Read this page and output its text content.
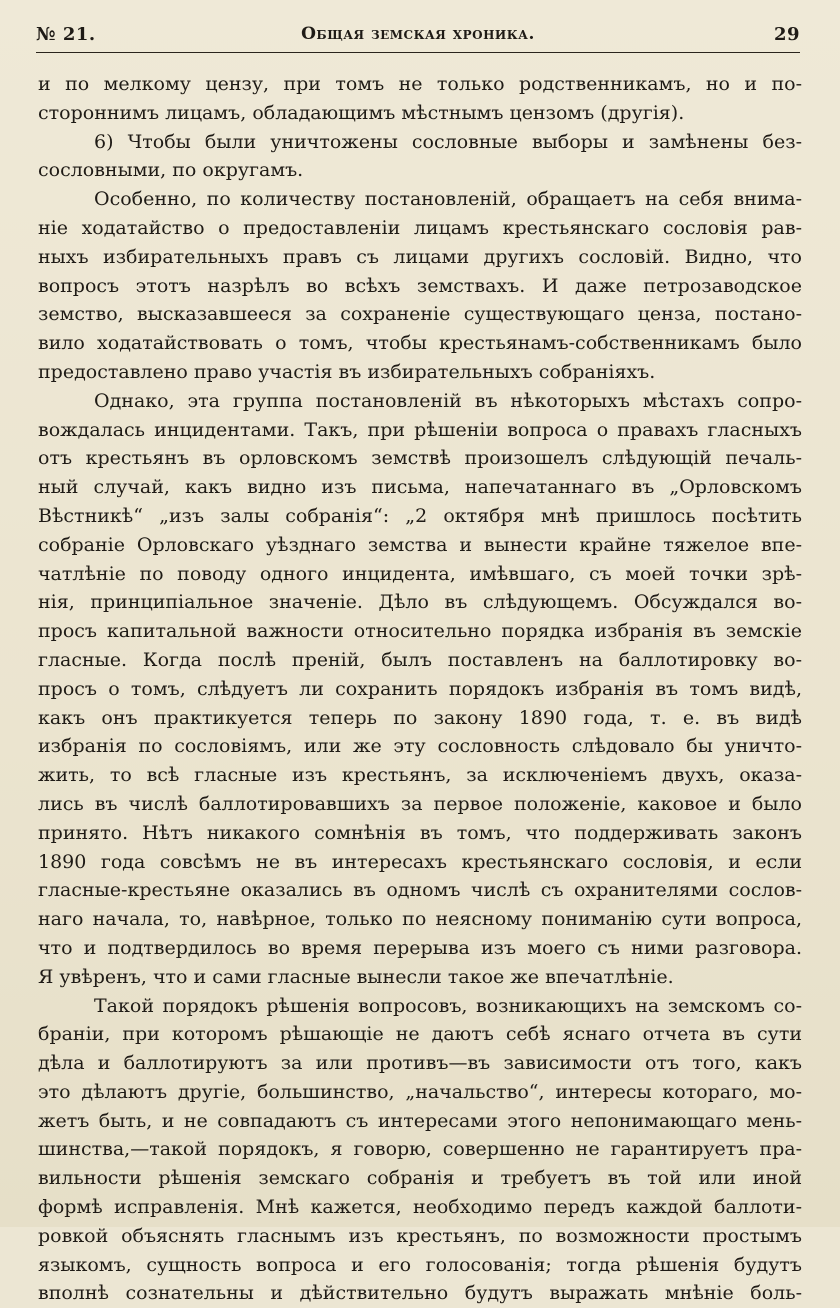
№ 21.	Общая земская хроника.	29
и по мелкому цензу, при томъ не только родственникамъ, но и по-
стороннимъ лицамъ, обладающимъ мѣстнымъ цензомъ (другія).
6) Чтобы были уничтожены сословные выборы и замѣнены без-
сословными, по округамъ.
Особенно, по количеству постановленій, обращаетъ на себя внима-
ніе ходатайство о предоставленіи лицамъ крестьянскаго сословія рав-
ныхъ избирательныхъ правъ съ лицами другихъ сословій. Видно, что
вопросъ этотъ назрѣлъ во всѣхъ земствахъ. И даже петрозаводское
земство, высказавшееся за сохраненіе существующаго ценза, постано-
вило ходатайствовать о томъ, чтобы крестьянамъ-собственникамъ было
предоставлено право участія въ избирательныхъ собраніяхъ.
Однако, эта группа постановленій въ нѣкоторыхъ мѣстахъ сопро-
вождалась инцидентами. Такъ, при рѣшеніи вопроса о правахъ гласныхъ
отъ крестьянъ въ орловскомъ земствѣ произошелъ слѣдующій печаль-
ный случай, какъ видно изъ письма, напечатаннаго въ „Орловскомъ
Вѣстникѣ“ „изъ залы собранія“: „2 октября мнѣ пришлось посѣтить
собраніе Орловскаго уѣзднаго земства и вынести крайне тяжелое впе-
чатлѣніе по поводу одного инцидента, имѣвшаго, съ моей точки зрѣ-
нія, принципіальное значеніе. Дѣло въ слѣдующемъ. Обсуждался во-
просъ капитальной важности относительно порядка избранія въ земскіе
гласные. Когда послѣ преній, былъ поставленъ на баллотировку во-
просъ о томъ, слѣдуетъ ли сохранить порядокъ избранія въ томъ видѣ,
какъ онъ практикуется теперь по закону 1890 года, т. е. въ видѣ
избранія по сословіямъ, или же эту сословность слѣдовало бы уничто-
жить, то всѣ гласные изъ крестьянъ, за исключеніемъ двухъ, оказа-
лись въ числѣ баллотировавшихъ за первое положеніе, каковое и было
принято. Нѣтъ никакого сомнѣнія въ томъ, что поддерживать законъ
1890 года совсѣмъ не въ интересахъ крестьянскаго сословія, и если
гласные-крестьяне оказались въ одномъ числѣ съ охранителями сослов-
наго начала, то, навѣрное, только по неясному пониманію сути вопроса,
что и подтвердилось во время перерыва изъ моего съ ними разговора.
Я увѣренъ, что и сами гласные вынесли такое же впечатлѣніе.
Такой порядокъ рѣшенія вопросовъ, возникающихъ на земскомъ со-
браніи, при которомъ рѣшающіе не даютъ себѣ яснаго отчета въ сути
дѣла и баллотируютъ за или противъ—въ зависимости отъ того, какъ
это дѣлаютъ другіе, большинство, „начальство“, интересы котораго, мо-
жетъ быть, и не совпадаютъ съ интересами этого непонимающаго мень-
шинства,—такой порядокъ, я говорю, совершенно не гарантируетъ пра-
вильности рѣшенія земскаго собранія и требуетъ въ той или иной
формѣ исправленія. Мнѣ кажется, необходимо передъ каждой баллоти-
ровкой объяснять гласнымъ изъ крестьянъ, по возможности простымъ
языкомъ, сущность вопроса и его голосованія; тогда рѣшенія будутъ
вполнѣ сознательны и дѣйствительно будутъ выражать мнѣніе боль-
